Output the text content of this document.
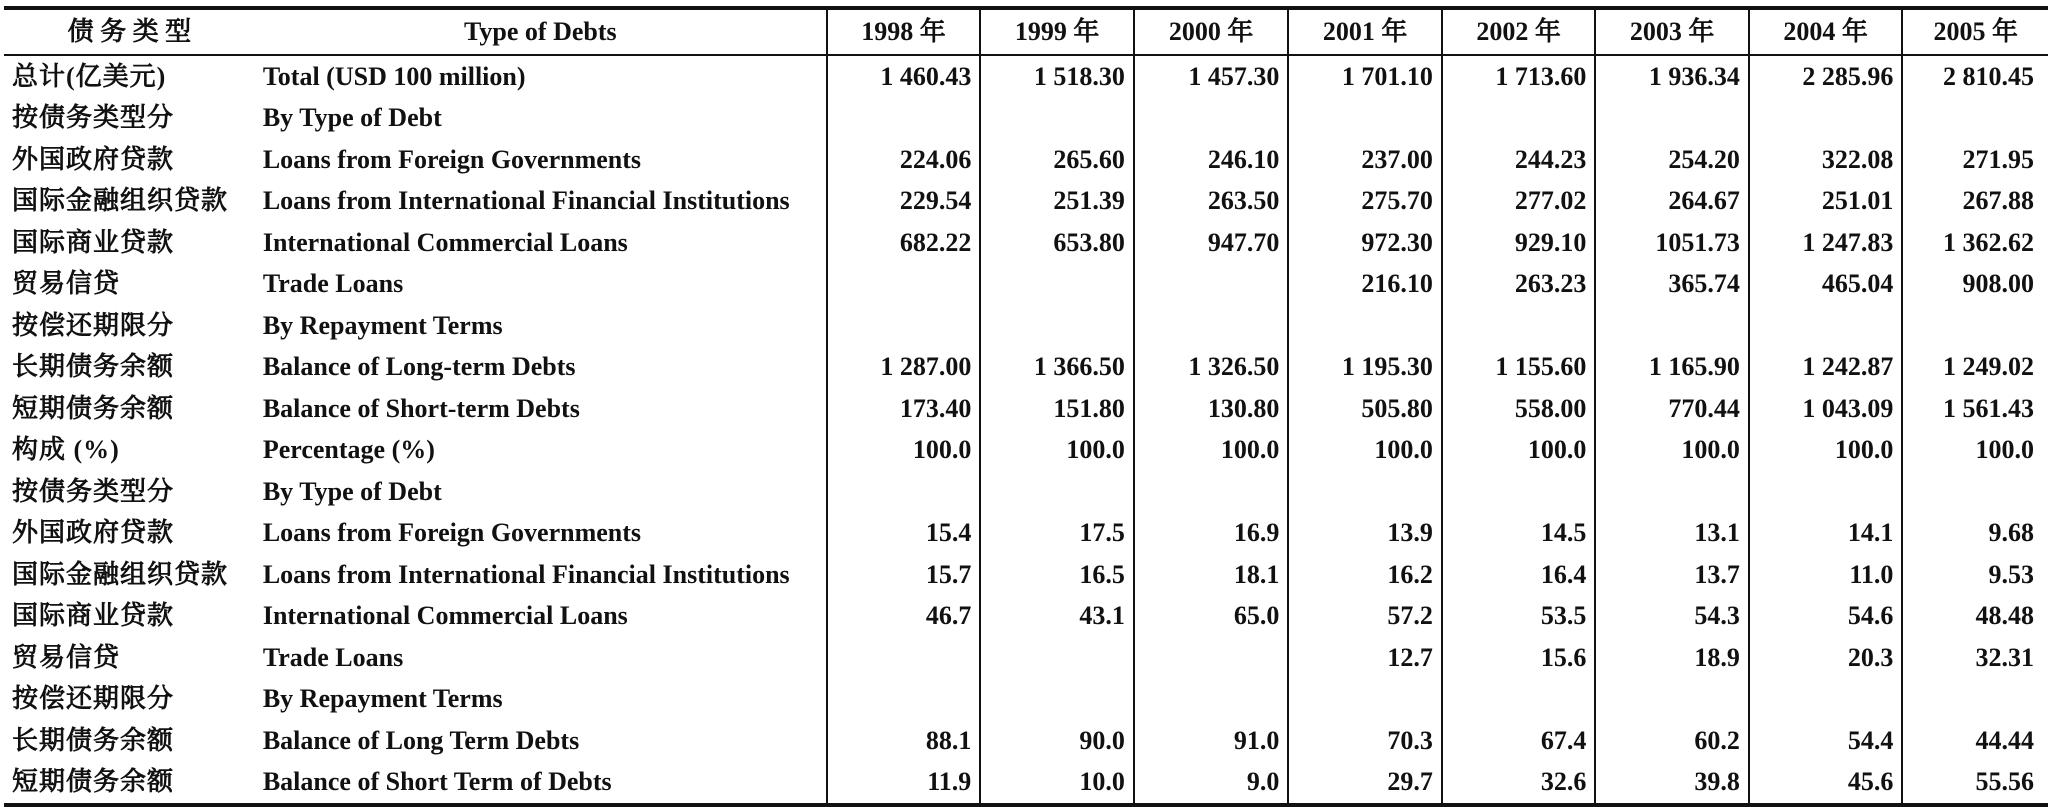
债 务 类 型	Type of Debts	1998 年	1999 年	2000 年	2001 年	2002 年	2003 年	2004 年	2005 年
总计(亿美元)	Total (USD 100 million)	1 460.43	1 518.30	1 457.30	1 701.10	1 713.60	1 936.34	2 285.96	2 810.45
按债务类型分	By Type of Debt								
外国政府贷款	Loans from Foreign Governments	224.06	265.60	246.10	237.00	244.23	254.20	322.08	271.95
国际金融组织贷款	Loans from International Financial Institutions	229.54	251.39	263.50	275.70	277.02	264.67	251.01	267.88
国际商业贷款	International Commercial Loans	682.22	653.80	947.70	972.30	929.10	1051.73	1 247.83	1 362.62
贸易信贷	Trade Loans				216.10	263.23	365.74	465.04	908.00
按偿还期限分	By Repayment Terms								
长期债务余额	Balance of Long-term Debts	1 287.00	1 366.50	1 326.50	1 195.30	1 155.60	1 165.90	1 242.87	1 249.02
短期债务余额	Balance of Short-term Debts	173.40	151.80	130.80	505.80	558.00	770.44	1 043.09	1 561.43
构成 (%)	Percentage (%)	100.0	100.0	100.0	100.0	100.0	100.0	100.0	100.0
按债务类型分	By Type of Debt								
外国政府贷款	Loans from Foreign Governments	15.4	17.5	16.9	13.9	14.5	13.1	14.1	9.68
国际金融组织贷款	Loans from International Financial Institutions	15.7	16.5	18.1	16.2	16.4	13.7	11.0	9.53
国际商业贷款	International Commercial Loans	46.7	43.1	65.0	57.2	53.5	54.3	54.6	48.48
贸易信贷	Trade Loans				12.7	15.6	18.9	20.3	32.31
按偿还期限分	By Repayment Terms								
长期债务余额	Balance of Long Term Debts	88.1	90.0	91.0	70.3	67.4	60.2	54.4	44.44
短期债务余额	Balance of Short Term of Debts	11.9	10.0	9.0	29.7	32.6	39.8	45.6	55.56
